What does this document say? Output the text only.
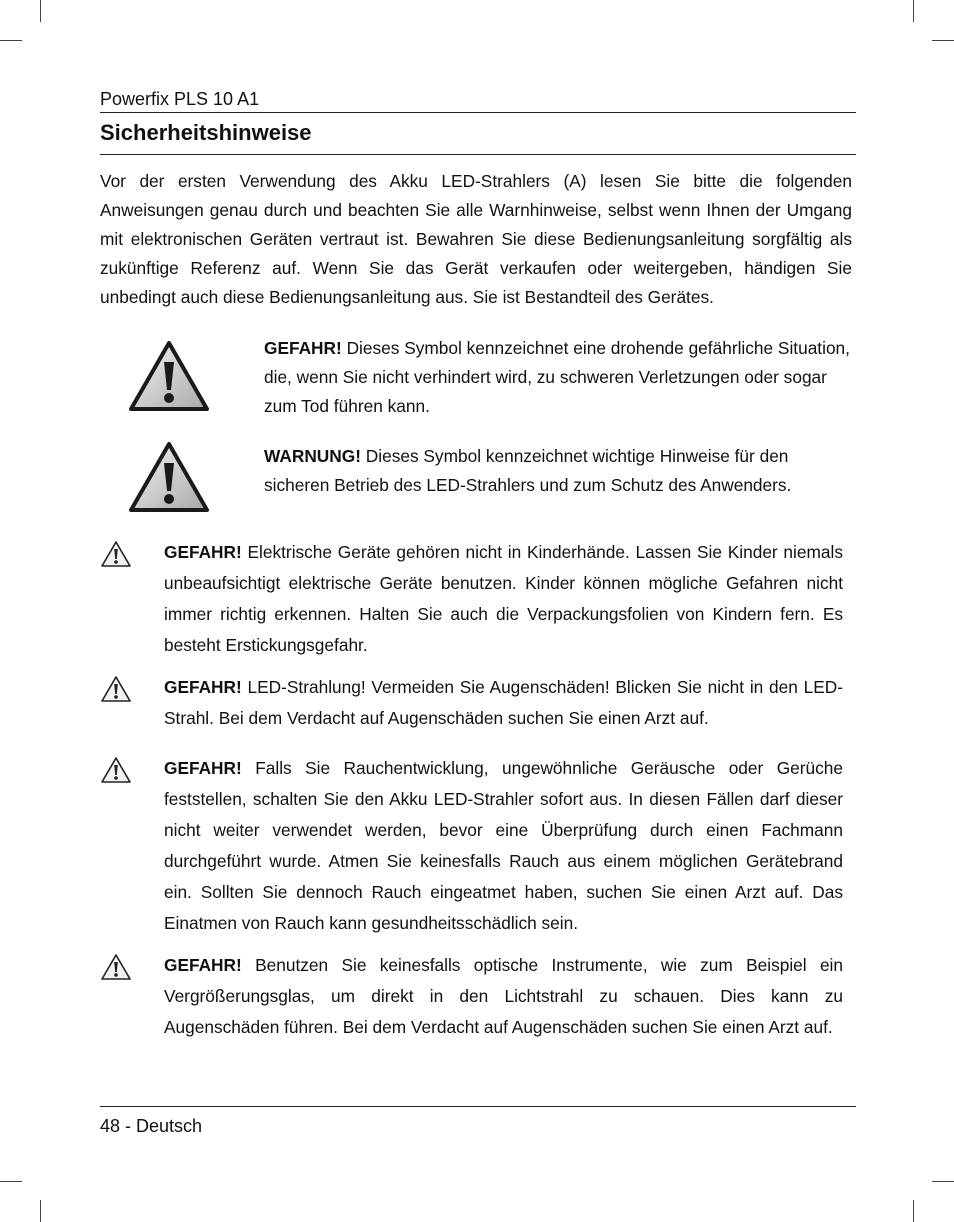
Powerfix PLS 10 A1
Sicherheitshinweise
Vor der ersten Verwendung des Akku LED-Strahlers (A) lesen Sie bitte die folgenden Anweisungen genau durch und beachten Sie alle Warnhinweise, selbst wenn Ihnen der Umgang mit elektronischen Geräten vertraut ist. Bewahren Sie diese Bedienungsanleitung sorgfältig als zukünftige Referenz auf. Wenn Sie das Gerät verkaufen oder weitergeben, händigen Sie unbedingt auch diese Bedienungsanleitung aus. Sie ist Bestandteil des Gerätes.
GEFAHR! Dieses Symbol kennzeichnet eine drohende gefährliche Situation, die, wenn Sie nicht verhindert wird, zu schweren Verletzungen oder sogar zum Tod führen kann.
WARNUNG! Dieses Symbol kennzeichnet wichtige Hinweise für den sicheren Betrieb des LED-Strahlers und zum Schutz des Anwenders.
GEFAHR! Elektrische Geräte gehören nicht in Kinderhände. Lassen Sie Kinder niemals unbeaufsichtigt elektrische Geräte benutzen. Kinder können mögliche Gefahren nicht immer richtig erkennen. Halten Sie auch die Verpackungsfolien von Kindern fern. Es besteht Erstickungsgefahr.
GEFAHR! LED-Strahlung! Vermeiden Sie Augenschäden! Blicken Sie nicht in den LED-Strahl. Bei dem Verdacht auf Augenschäden suchen Sie einen Arzt auf.
GEFAHR! Falls Sie Rauchentwicklung, ungewöhnliche Geräusche oder Gerüche feststellen, schalten Sie den Akku LED-Strahler sofort aus. In diesen Fällen darf dieser nicht weiter verwendet werden, bevor eine Überprüfung durch einen Fachmann durchgeführt wurde. Atmen Sie keinesfalls Rauch aus einem möglichen Gerätebrand ein. Sollten Sie dennoch Rauch eingeatmet haben, suchen Sie einen Arzt auf. Das Einatmen von Rauch kann gesundheitsschädlich sein.
GEFAHR! Benutzen Sie keinesfalls optische Instrumente, wie zum Beispiel ein Vergrößerungsglas, um direkt in den Lichtstrahl zu schauen. Dies kann zu Augenschäden führen. Bei dem Verdacht auf Augenschäden suchen Sie einen Arzt auf.
48 - Deutsch
